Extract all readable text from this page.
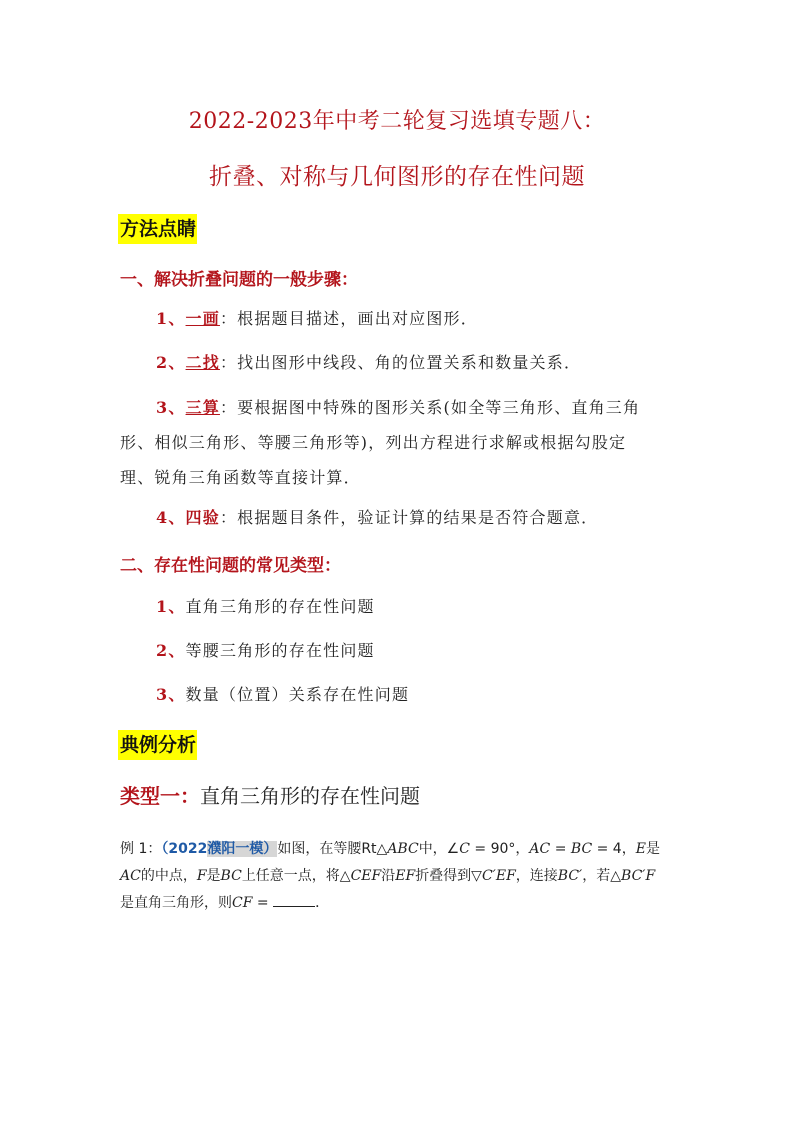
2022-2023年中考二轮复习选填专题八：
折叠、对称与几何图形的存在性问题
方法点睛
一、解决折叠问题的一般步骤：
1、一画：根据题目描述，画出对应图形．
2、二找：找出图形中线段、角的位置关系和数量关系．
3、三算：要根据图中特殊的图形关系(如全等三角形、直角三角
形、相似三角形、等腰三角形等)，列出方程进行求解或根据勾股定
理、锐角三角函数等直接计算．
4、四验：根据题目条件，验证计算的结果是否符合题意．
二、存在性问题的常见类型：
1、直角三角形的存在性问题
2、等腰三角形的存在性问题
3、数量（位置）关系存在性问题
典例分析
类型一：直角三角形的存在性问题
例 1：（2022濮阳一模）如图，在等腰Rt△ABC中，∠C = 90°，AC = BC = 4，E是
AC的中点，F是BC上任意一点，将△CEF沿EF折叠得到▽C′EF，连接BC′，若△BC′F
是直角三角形，则CF =	．
